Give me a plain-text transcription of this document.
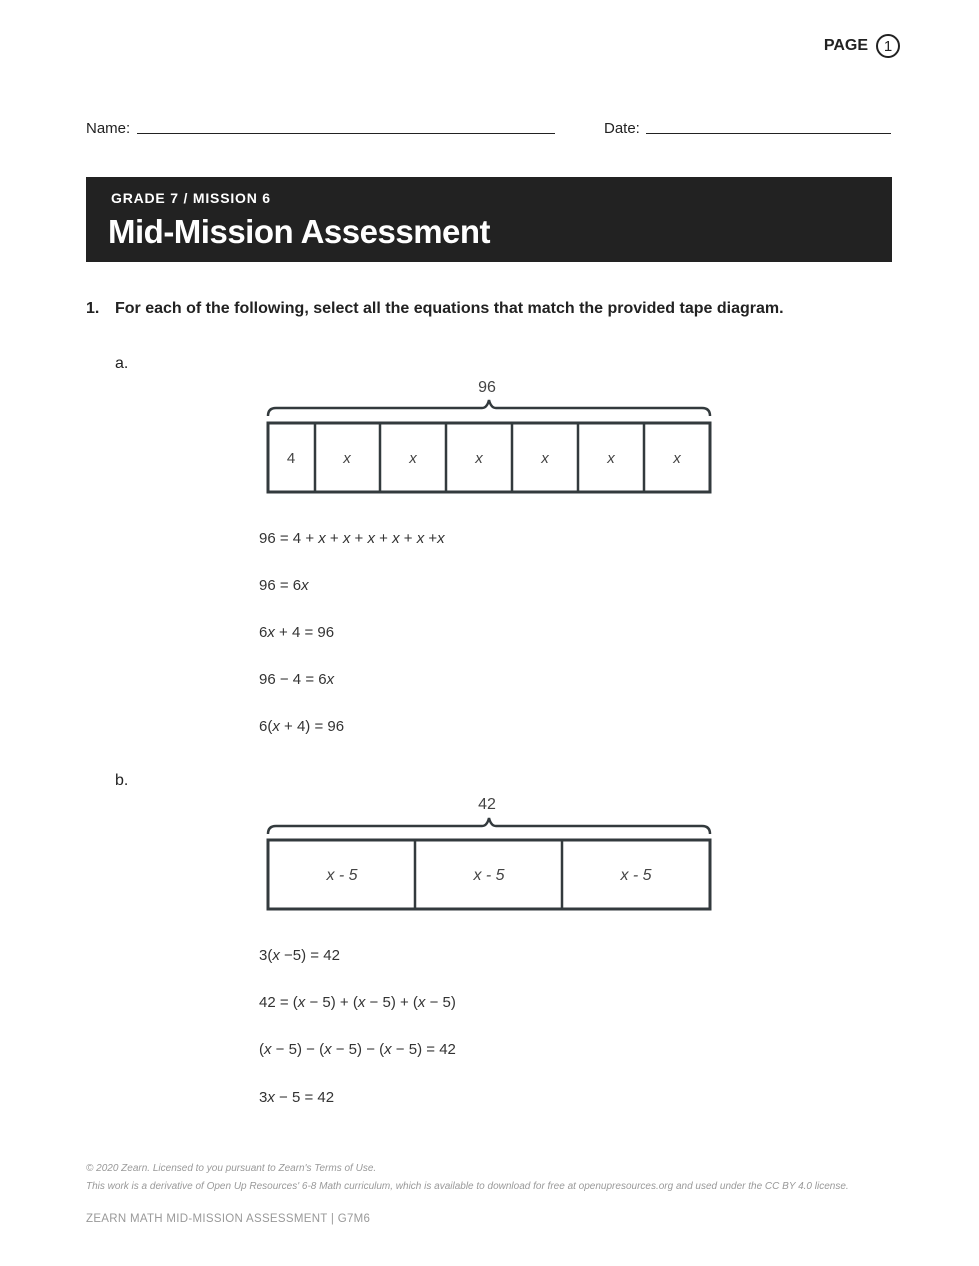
PAGE	1
Name:	Date:
GRADE 7 / MISSION 6
Mid-Mission Assessment
1. For each of the following, select all the equations that match the provided tape diagram.
a.
96
4	x	x	x	x	x	x
42
x - 5	x - 5	x - 5
96 = 4 + x + x + x + x + x +x
96 = 6x
6x + 4 = 96
96 − 4 = 6x
6(x + 4) = 96
b.
3(x −5) = 42
42 = (x − 5) + (x − 5) + (x − 5)
(x − 5) − (x − 5) − (x − 5) = 42
3x − 5 = 42
© 2020 Zearn. Licensed to you pursuant to Zearn's Terms of Use.
This work is a derivative of Open Up Resources' 6-8 Math curriculum, which is available to download for free at openupresources.org and used under the CC BY 4.0 license.
ZEARN MATH MID-MISSION ASSESSMENT | G7M6
